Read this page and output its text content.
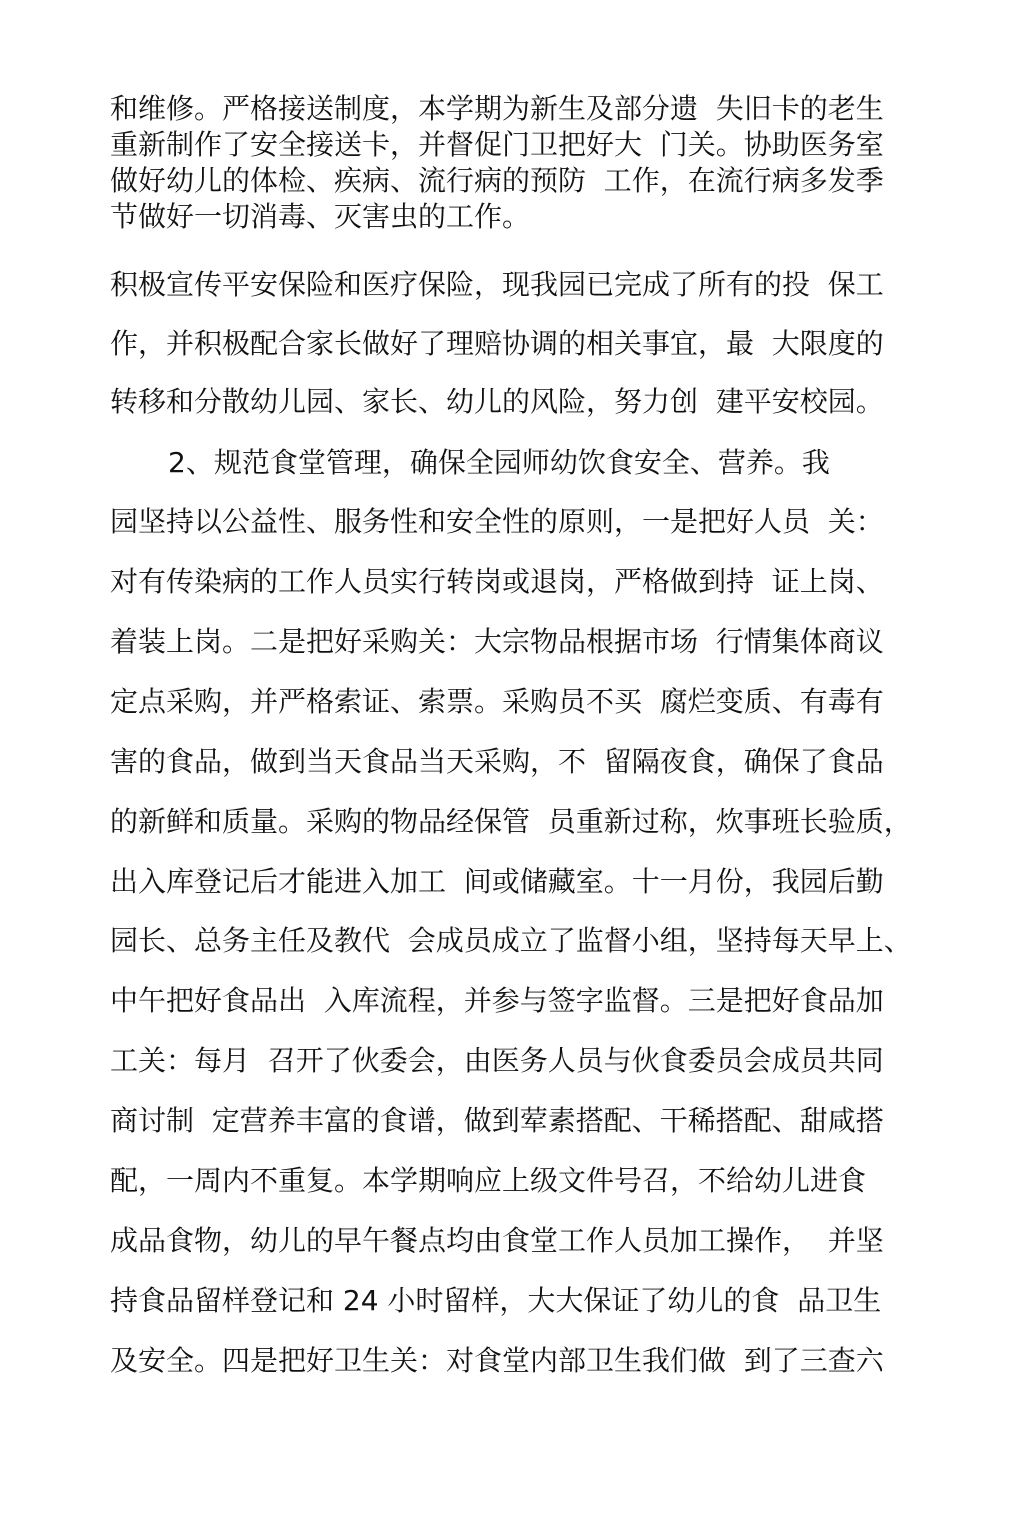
和维修。严格接送制度，本学期为新生及部分遗  失旧卡的老生
重新制作了安全接送卡，并督促门卫把好大  门关。协助医务室
做好幼儿的体检、疾病、流行病的预防  工作，在流行病多发季
节做好一切消毒、灭害虫的工作。
积极宣传平安保险和医疗保险，现我园已完成了所有的投  保工
作，并积极配合家长做好了理赔协调的相关事宜，最  大限度的
转移和分散幼儿园、家长、幼儿的风险，努力创  建平安校园。
2、规范食堂管理，确保全园师幼饮食安全、营养。我
园坚持以公益性、服务性和安全性的原则，一是把好人员  关：
对有传染病的工作人员实行转岗或退岗，严格做到持  证上岗、
着装上岗。二是把好采购关：大宗物品根据市场  行情集体商议
定点采购，并严格索证、索票。采购员不买  腐烂变质、有毒有
害的食品，做到当天食品当天采购，不  留隔夜食，确保了食品
的新鲜和质量。采购的物品经保管  员重新过称，炊事班长验质，
出入库登记后才能进入加工  间或储藏室。十一月份，我园后勤
园长、总务主任及教代  会成员成立了监督小组，坚持每天早上、
中午把好食品出  入库流程，并参与签字监督。三是把好食品加
工关：每月  召开了伙委会，由医务人员与伙食委员会成员共同
商讨制  定营养丰富的食谱，做到荤素搭配、干稀搭配、甜咸搭
配，一周内不重复。本学期响应上级文件号召，不给幼儿进食
成品食物，幼儿的早午餐点均由食堂工作人员加工操作，  并坚
持食品留样登记和 24 小时留样，大大保证了幼儿的食  品卫生
及安全。四是把好卫生关：对食堂内部卫生我们做  到了三查六
